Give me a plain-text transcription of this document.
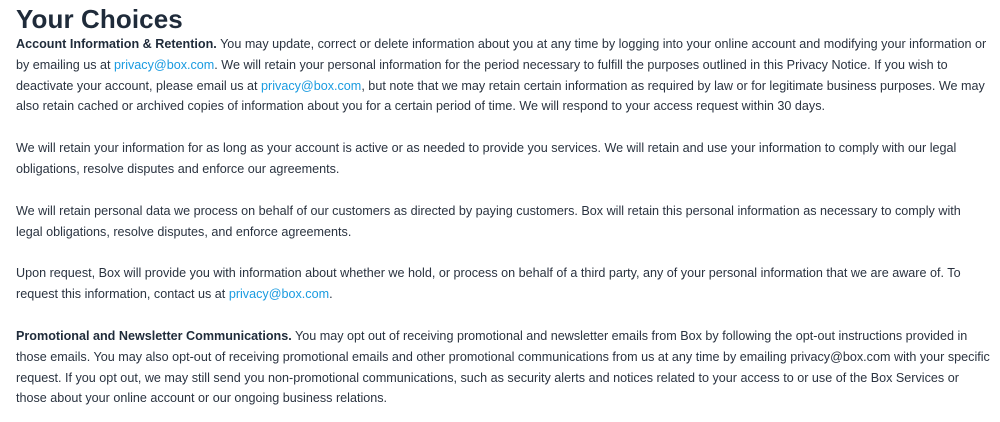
Your Choices

Account Information & Retention. You may update, correct or delete information about you at any time by logging into your online account and modifying your information or by emailing us at privacy@box.com. We will retain your personal information for the period necessary to fulfill the purposes outlined in this Privacy Notice. If you wish to deactivate your account, please email us at privacy@box.com, but note that we may retain certain information as required by law or for legitimate business purposes. We may also retain cached or archived copies of information about you for a certain period of time. We will respond to your access request within 30 days.

We will retain your information for as long as your account is active or as needed to provide you services. We will retain and use your information to comply with our legal obligations, resolve disputes and enforce our agreements.

We will retain personal data we process on behalf of our customers as directed by paying customers. Box will retain this personal information as necessary to comply with legal obligations, resolve disputes, and enforce agreements.

Upon request, Box will provide you with information about whether we hold, or process on behalf of a third party, any of your personal information that we are aware of. To request this information, contact us at privacy@box.com.

Promotional and Newsletter Communications. You may opt out of receiving promotional and newsletter emails from Box by following the opt-out instructions provided in those emails. You may also opt-out of receiving promotional emails and other promotional communications from us at any time by emailing privacy@box.com with your specific request. If you opt out, we may still send you non-promotional communications, such as security alerts and notices related to your access to or use of the Box Services or those about your online account or our ongoing business relations.
